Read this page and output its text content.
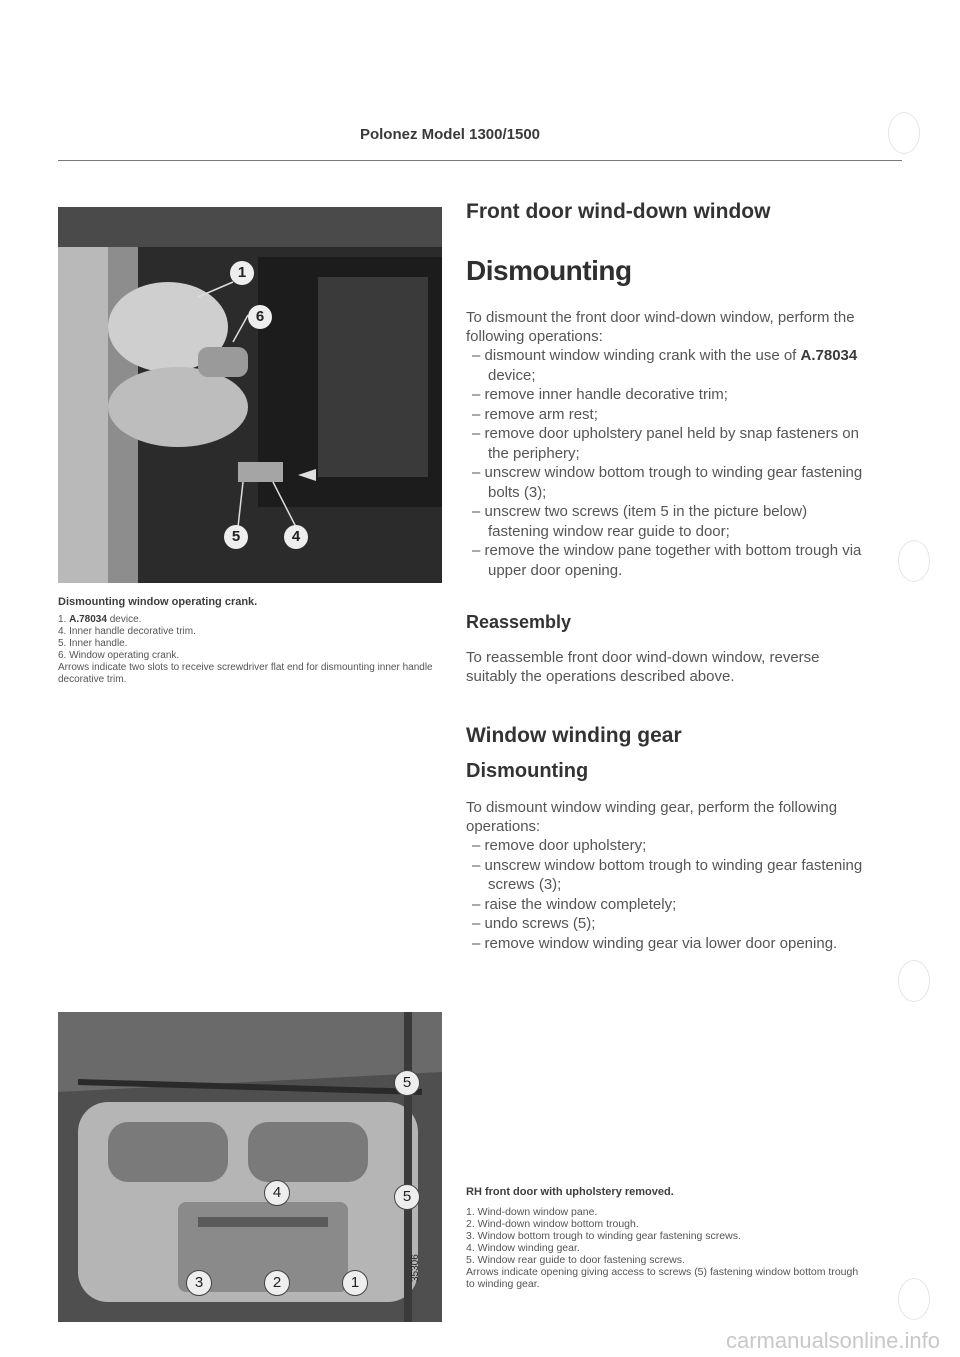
Polonez Model 1300/1500
1
6
5	4
Dismounting window operating crank.
1. A.78034 device.
4. Inner handle decorative trim.
5. Inner handle.
6. Window operating crank.
Arrows indicate two slots to receive screwdriver flat end for dismounting inner handle decorative trim.
Front door wind-down window
Dismounting
To dismount the front door wind-down window, perform the following operations:
– dismount window winding crank with the use of A.78034 device;
– remove inner handle decorative trim;
– remove arm rest;
– remove door upholstery panel held by snap fasteners on the periphery;
– unscrew window bottom trough to winding gear fastening bolts (3);
– unscrew two screws (item 5 in the picture below) fastening window rear guide to door;
– remove the window pane together with bottom trough via upper door opening.
Reassembly
To reassemble front door wind-down window, reverse suitably the operations described above.
Window winding gear
Dismounting
To dismount window winding gear, perform the following operations:
– remove door upholstery;
– unscrew window bottom trough to winding gear fastening screws (3);
– raise the window completely;
– undo screws (5);
– remove window winding gear via lower door opening.
5
4	5
3	2	1
35306
RH front door with upholstery removed.
1. Wind-down window pane.
2. Wind-down window bottom trough.
3. Window bottom trough to winding gear fastening screws.
4. Window winding gear.
5. Window rear guide to door fastening screws.
Arrows indicate opening giving access to screws (5) fastening window bottom trough to winding gear.
carmanualsonline.info
